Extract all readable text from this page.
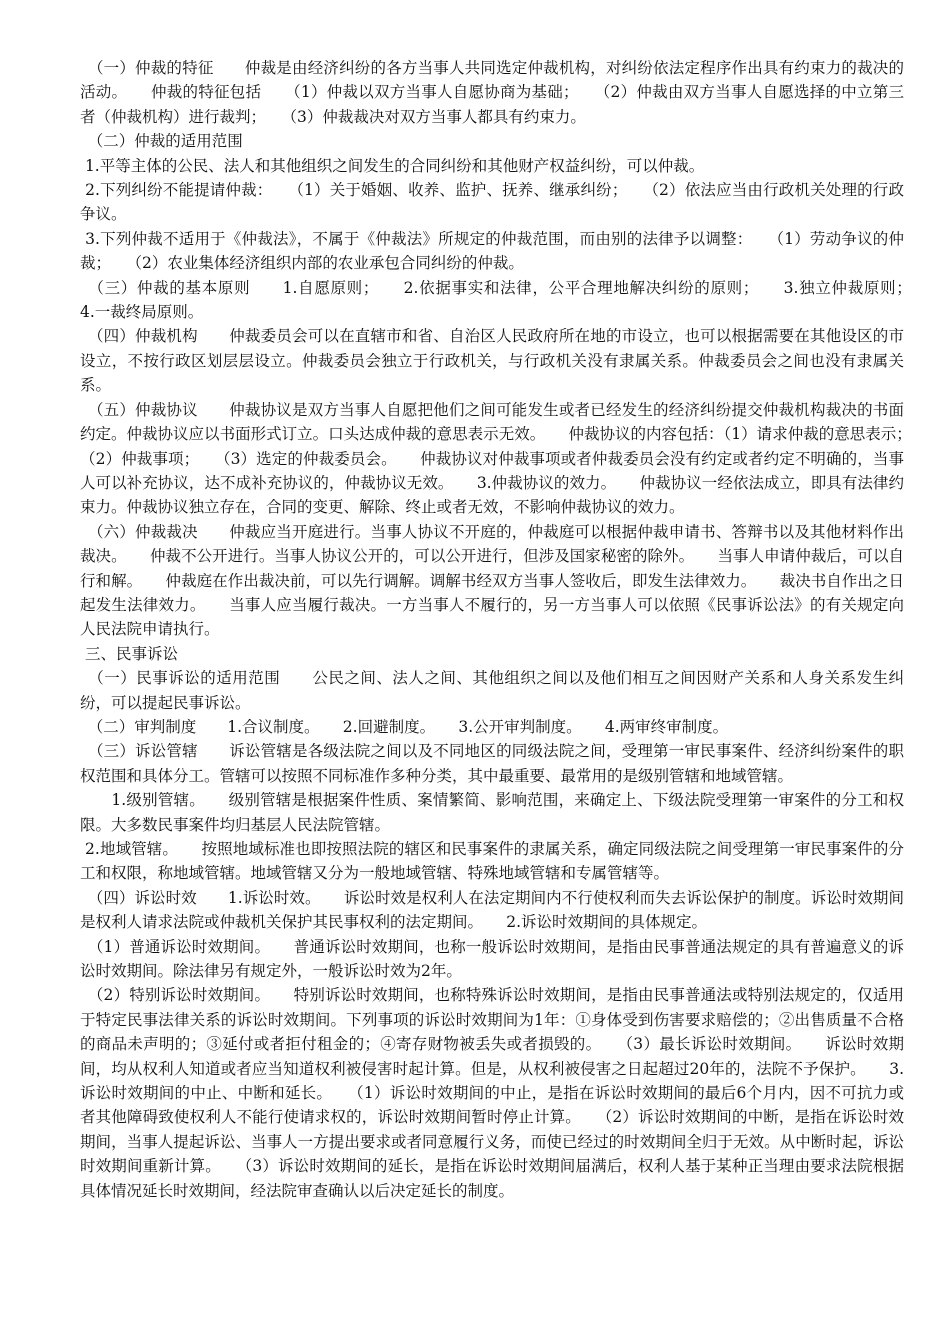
　（一）仲裁的特征　　仲裁是由经济纠纷的各方当事人共同选定仲裁机构，对纠纷依法定程序作出具有约束力的裁决的活动。　　仲裁的特征包括　　（1）仲裁以双方当事人自愿协商为基础；　　（2）仲裁由双方当事人自愿选择的中立第三者（仲裁机构）进行裁判；　　（3）仲裁裁决对双方当事人都具有约束力。

　（二）仲裁的适用范围

1.平等主体的公民、法人和其他组织之间发生的合同纠纷和其他财产权益纠纷，可以仲裁。

2.下列纠纷不能提请仲裁：　　（1）关于婚姻、收养、监护、抚养、继承纠纷；　　（2）依法应当由行政机关处理的行政争议。

3.下列仲裁不适用于《仲裁法》，不属于《仲裁法》所规定的仲裁范围，而由别的法律予以调整：　　（1）劳动争议的仲裁；　　（2）农业集体经济组织内部的农业承包合同纠纷的仲裁。

　（三）仲裁的基本原则　　1.自愿原则；　　2.依据事实和法律，公平合理地解决纠纷的原则；　　3.独立仲裁原则；　　4.一裁终局原则。

　（四）仲裁机构　　仲裁委员会可以在直辖市和省、自治区人民政府所在地的市设立，也可以根据需要在其他设区的市设立，不按行政区划层层设立。仲裁委员会独立于行政机关，与行政机关没有隶属关系。仲裁委员会之间也没有隶属关系。

　（五）仲裁协议　　仲裁协议是双方当事人自愿把他们之间可能发生或者已经发生的经济纠纷提交仲裁机构裁决的书面约定。仲裁协议应以书面形式订立。口头达成仲裁的意思表示无效。　　仲裁协议的内容包括：（1）请求仲裁的意思表示；　　（2）仲裁事项；　　（3）选定的仲裁委员会。　　仲裁协议对仲裁事项或者仲裁委员会没有约定或者约定不明确的，当事人可以补充协议，达不成补充协议的，仲裁协议无效。　　3.仲裁协议的效力。　　仲裁协议一经依法成立，即具有法律约束力。仲裁协议独立存在，合同的变更、解除、终止或者无效，不影响仲裁协议的效力。

　（六）仲裁裁决　　仲裁应当开庭进行。当事人协议不开庭的，仲裁庭可以根据仲裁申请书、答辩书以及其他材料作出裁决。　　仲裁不公开进行。当事人协议公开的，可以公开进行，但涉及国家秘密的除外。　　当事人申请仲裁后，可以自行和解。　　仲裁庭在作出裁决前，可以先行调解。调解书经双方当事人签收后，即发生法律效力。　　裁决书自作出之日起发生法律效力。　　当事人应当履行裁决。一方当事人不履行的，另一方当事人可以依照《民事诉讼法》的有关规定向人民法院申请执行。

三、民事诉讼

　（一）民事诉讼的适用范围　　公民之间、法人之间、其他组织之间以及他们相互之间因财产关系和人身关系发生纠纷，可以提起民事诉讼。

　（二）审判制度　　1.合议制度。　　2.回避制度。　　3.公开审判制度。　　4.两审终审制度。

　（三）诉讼管辖　　诉讼管辖是各级法院之间以及不同地区的同级法院之间，受理第一审民事案件、经济纠纷案件的职权范围和具体分工。管辖可以按照不同标准作多种分类，其中最重要、最常用的是级别管辖和地域管辖。

　　1.级别管辖。　　级别管辖是根据案件性质、案情繁简、影响范围，来确定上、下级法院受理第一审案件的分工和权限。大多数民事案件均归基层人民法院管辖。

2.地域管辖。　　按照地域标准也即按照法院的辖区和民事案件的隶属关系，确定同级法院之间受理第一审民事案件的分工和权限，称地域管辖。地域管辖又分为一般地域管辖、特殊地域管辖和专属管辖等。

　（四）诉讼时效　　1.诉讼时效。　　诉讼时效是权利人在法定期间内不行使权利而失去诉讼保护的制度。诉讼时效期间是权利人请求法院或仲裁机关保护其民事权利的法定期间。　　2.诉讼时效期间的具体规定。

　（1）普通诉讼时效期间。　　普通诉讼时效期间，也称一般诉讼时效期间，是指由民事普通法规定的具有普遍意义的诉讼时效期间。除法律另有规定外，一般诉讼时效为2年。

　（2）特别诉讼时效期间。　　特别诉讼时效期间，也称特殊诉讼时效期间，是指由民事普通法或特别法规定的，仅适用于特定民事法律关系的诉讼时效期间。下列事项的诉讼时效期间为1年：①身体受到伤害要求赔偿的；②出售质量不合格的商品未声明的；③延付或者拒付租金的；④寄存财物被丢失或者损毁的。　　（3）最长诉讼时效期间。　　诉讼时效期间，均从权利人知道或者应当知道权利被侵害时起计算。但是，从权利被侵害之日起超过20年的，法院不予保护。　　3.诉讼时效期间的中止、中断和延长。　　（1）诉讼时效期间的中止，是指在诉讼时效期间的最后6个月内，因不可抗力或者其他障碍致使权利人不能行使请求权的，诉讼时效期间暂时停止计算。　　（2）诉讼时效期间的中断，是指在诉讼时效期间，当事人提起诉讼、当事人一方提出要求或者同意履行义务，而使已经过的时效期间全归于无效。从中断时起，诉讼时效期间重新计算。　　（3）诉讼时效期间的延长，是指在诉讼时效期间届满后，权利人基于某种正当理由要求法院根据具体情况延长时效期间，经法院审查确认以后决定延长的制度。
